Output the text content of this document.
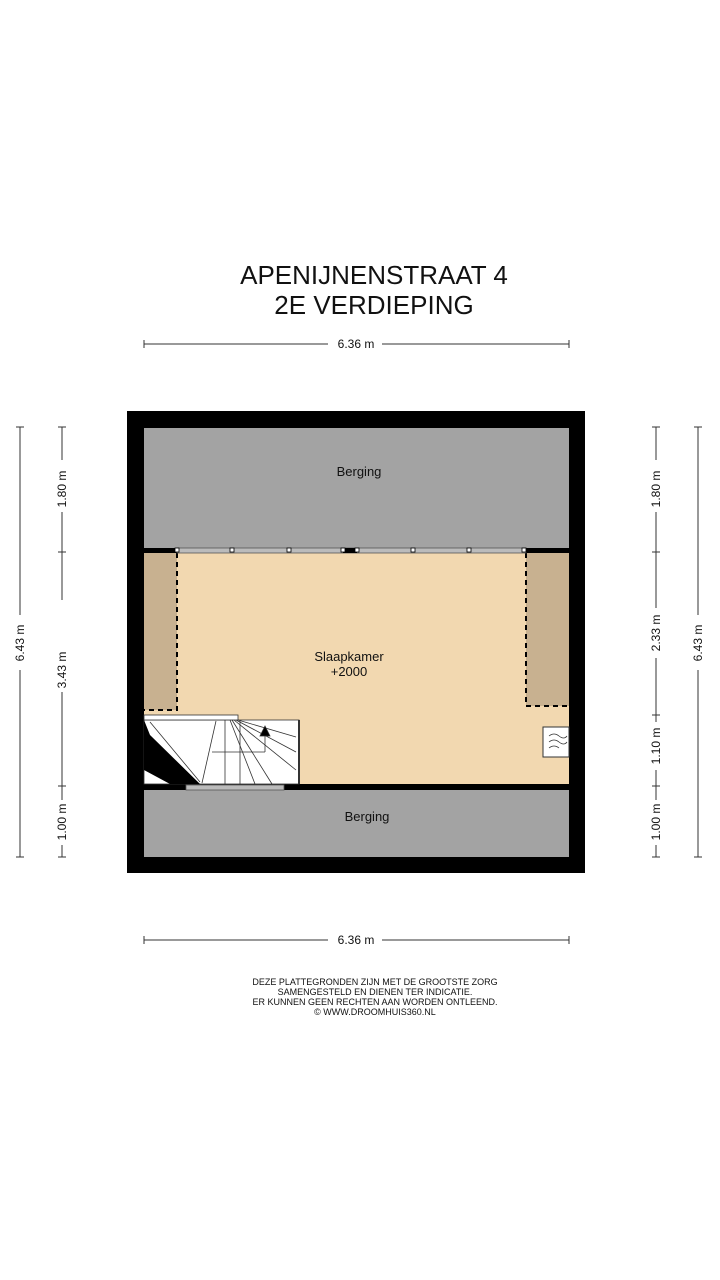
APENIJNENSTRAAT 4
2E VERDIEPING
6.36 m
6.36 m
6.43 m
1.80 m
3.43 m
1.00 m
6.43 m
1.80 m
2.33 m
1.10 m
1.00 m
Berging
Slaapkamer
+2000
Berging
DEZE PLATTEGRONDEN ZIJN MET DE GROOTSTE ZORG
SAMENGESTELD EN DIENEN TER INDICATIE.
ER KUNNEN GEEN RECHTEN AAN WORDEN ONTLEEND.
© WWW.DROOMHUIS360.NL
